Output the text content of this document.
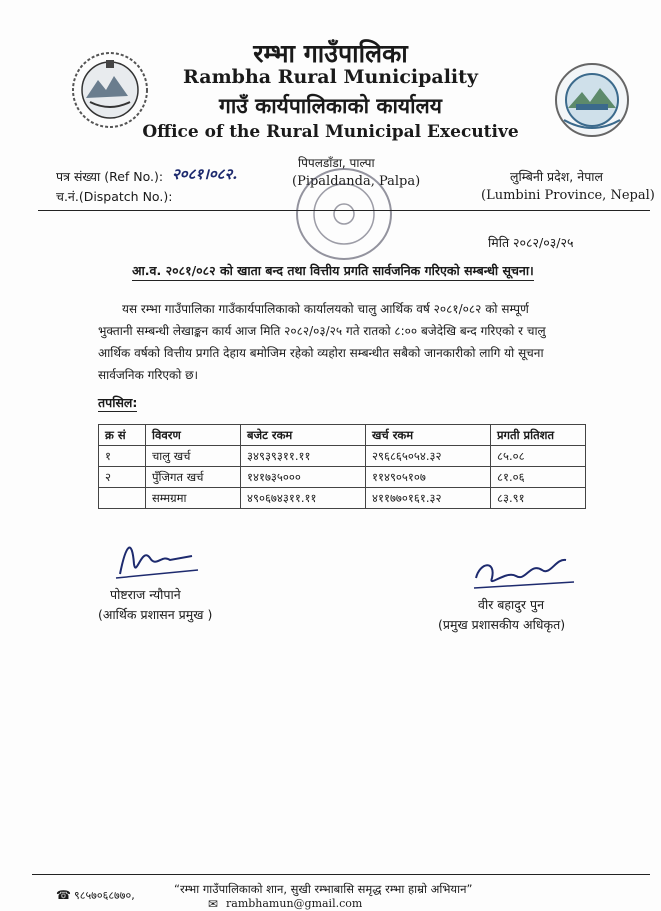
रम्भा गाउँपालिका
Rambha Rural Municipality
गाउँ कार्यपालिकाको कार्यालय
Office of the Rural Municipal Executive
पिपलडाँडा, पाल्पा
(Pipaldanda, Palpa)	लुम्बिनी प्रदेश, नेपाल
(Lumbini Province, Nepal)
पत्र संख्या (Ref No.): २०८१।०८२.
च.नं.(Dispatch No.):
मिति २०८२/०३/२५
आ.व. २०८१/०८२ को खाता बन्द तथा वित्तीय प्रगति सार्वजनिक गरिएको सम्बन्धी सूचना।
यस रम्भा गाउँपालिका गाउँकार्यपालिकाको कार्यालयको चालु आर्थिक वर्ष २०८१/०८२ को सम्पूर्ण
भुक्तानी सम्बन्धी लेखाङ्कन कार्य आज मिति २०८२/०३/२५ गते रातको ८:०० बजेदेखि बन्द गरिएको र चालु
आर्थिक वर्षको वित्तीय प्रगति देहाय बमोजिम रहेको व्यहोरा सम्बन्धीत सबैको जानकारीको लागि यो सूचना
सार्वजनिक गरिएको छ।
तपसिल:
क्र सं	विवरण	बजेट रकम	खर्च रकम	प्रगती प्रतिशत
१	चालु खर्च	३४९३९३११.११	२९६८६५०५४.३२	८५.०८
२	पुँजिगत खर्च	१४१७३५०००	११४९०५१०७	८१.०६
	सम्मग्रमा	४९०६७४३११.११	४११७७०१६१.३२	८३.९१
पोष्टराज न्यौपाने
(आर्थिक प्रशासन प्रमुख )
वीर बहादुर पुन
(प्रमुख प्रशासकीय अधिकृत)
“रम्भा गाउँपालिकाको शान, सुखी रम्भाबासि समृद्ध रम्भा हाम्रो अभियान”
☎ ९८५७०६८७७०,
✉ rambhamun@gmail.com
